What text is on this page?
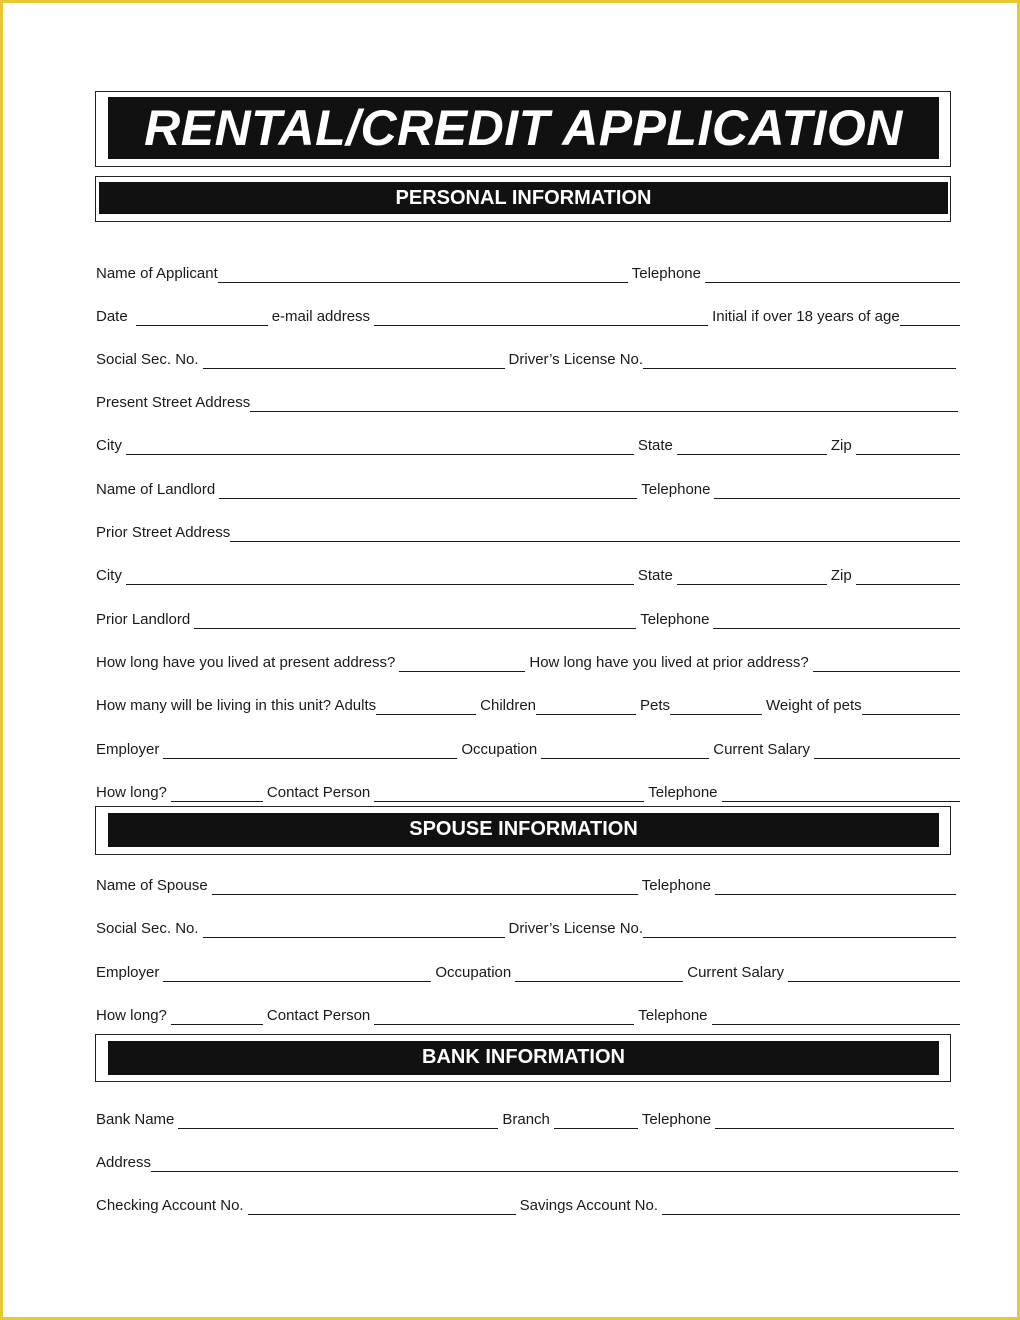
RENTAL/CREDIT APPLICATION
PERSONAL INFORMATION
Name of Applicant	Telephone
Date	e-mail address	Initial if over 18 years of age
Social Sec. No.	Driver’s License No.
Present Street Address
City	State	Zip
Name of Landlord	Telephone
Prior Street Address
City	State	Zip
Prior Landlord	Telephone
How long have you lived at present address?	How long have you lived at prior address?
How many will be living in this unit? Adults	Children	Pets	Weight of pets
Employer	Occupation	Current Salary
How long?	Contact Person	Telephone
SPOUSE INFORMATION
Name of Spouse	Telephone
Social Sec. No.	Driver’s License No.
Employer	Occupation	Current Salary
How long?	Contact Person	Telephone
BANK INFORMATION
Bank Name	Branch	Telephone
Address
Checking Account No.	Savings Account No.
